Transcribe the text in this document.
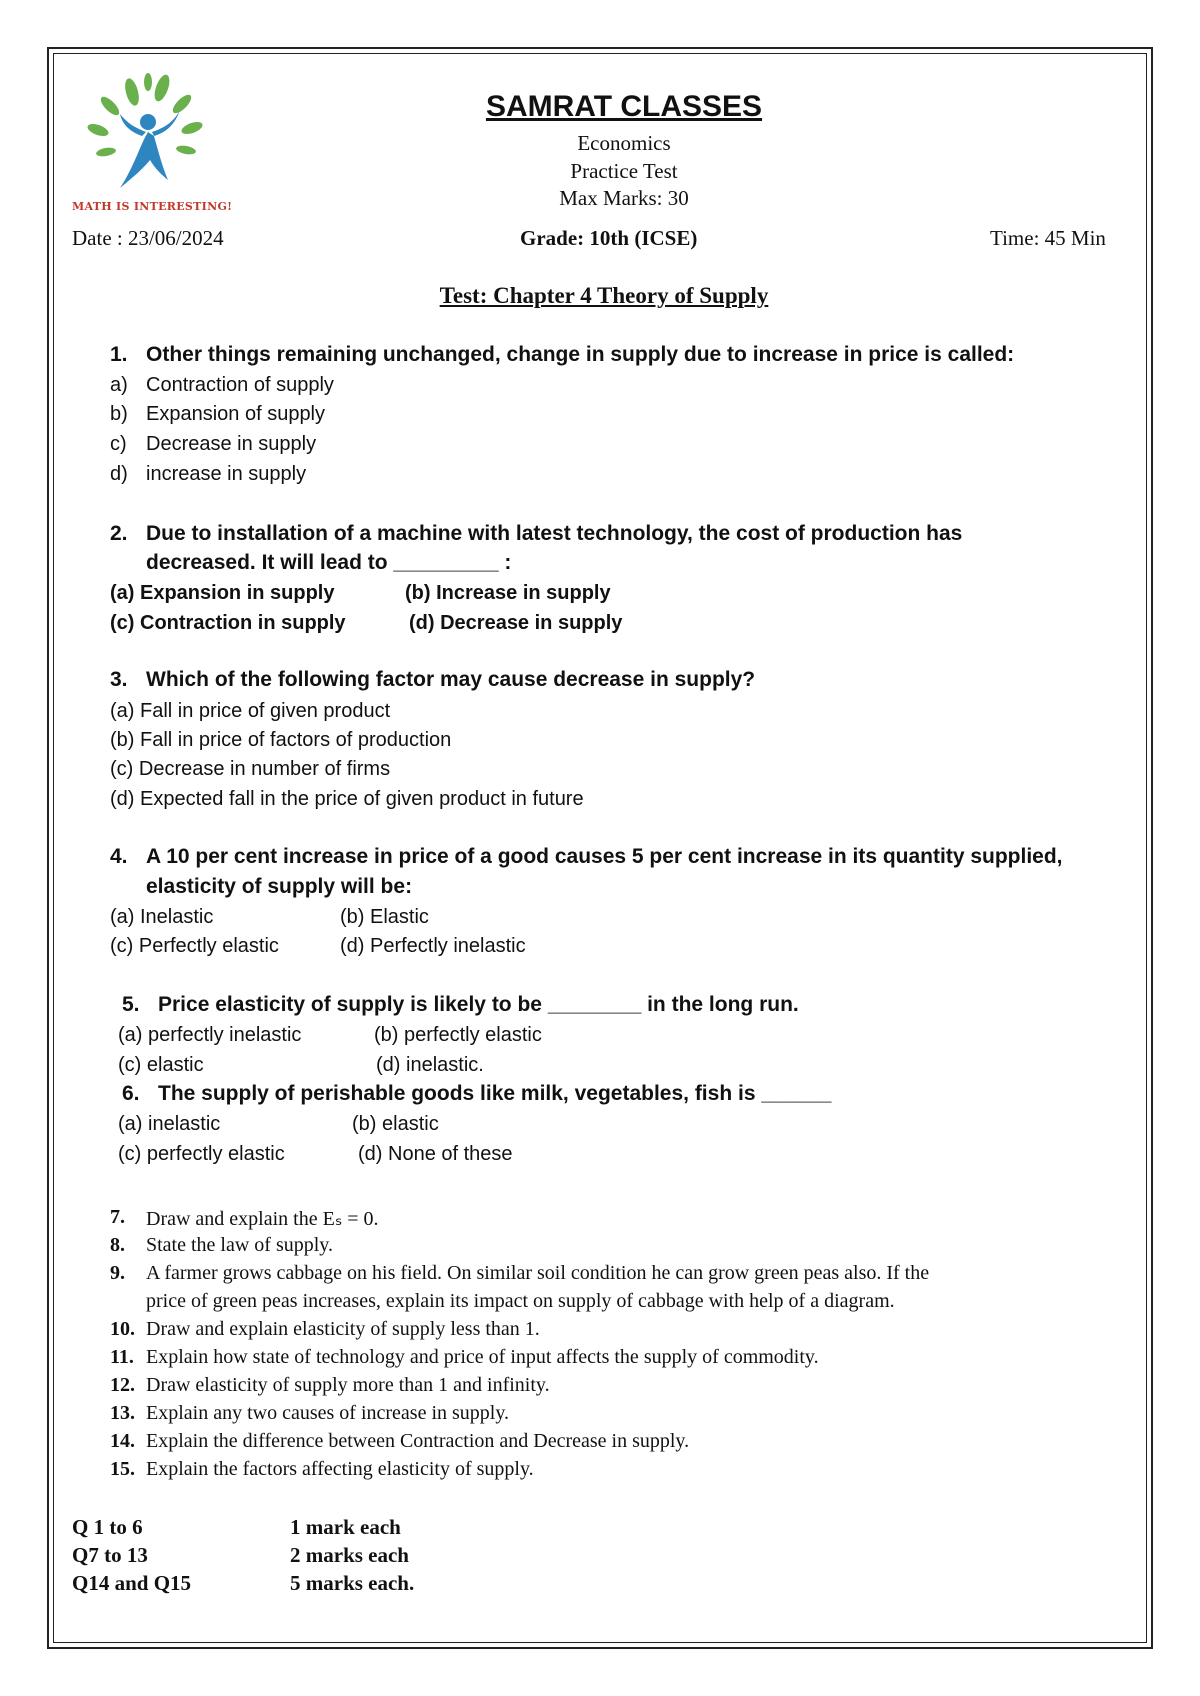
MATH IS INTERESTING!
SAMRAT CLASSES
Economics
Practice Test
Max Marks: 30
Date : 23/06/2024	Grade: 10th (ICSE)	Time: 45 Min
Test: Chapter 4 Theory of Supply
1. Other things remaining unchanged, change in supply due to increase in price is called:
a) Contraction of supply
b) Expansion of supply
c) Decrease in supply
d) increase in supply
2. Due to installation of a machine with latest technology, the cost of production has
decreased. It will lead to _________ :
(a) Expansion in supply	(b) Increase in supply
(c) Contraction in supply	(d) Decrease in supply
3. Which of the following factor may cause decrease in supply?
(a) Fall in price of given product
(b) Fall in price of factors of production
(c) Decrease in number of firms
(d) Expected fall in the price of given product in future
4. A 10 per cent increase in price of a good causes 5 per cent increase in its quantity supplied,
elasticity of supply will be:
(a) Inelastic	(b) Elastic
(c) Perfectly elastic	(d) Perfectly inelastic
5. Price elasticity of supply is likely to be ________ in the long run.
(a) perfectly inelastic	(b) perfectly elastic
(c) elastic	(d) inelastic.
6. The supply of perishable goods like milk, vegetables, fish is ______
(a) inelastic	(b) elastic
(c) perfectly elastic	(d) None of these
7. Draw and explain the Eₛ = 0.
8. State the law of supply.
9. A farmer grows cabbage on his field. On similar soil condition he can grow green peas also. If the
price of green peas increases, explain its impact on supply of cabbage with help of a diagram.
10. Draw and explain elasticity of supply less than 1.
11. Explain how state of technology and price of input affects the supply of commodity.
12. Draw elasticity of supply more than 1 and infinity.
13. Explain any two causes of increase in supply.
14. Explain the difference between Contraction and Decrease in supply.
15. Explain the factors affecting elasticity of supply.
Q 1 to 6	1 mark each
Q7 to 13	2 marks each
Q14 and Q15	5 marks each.
